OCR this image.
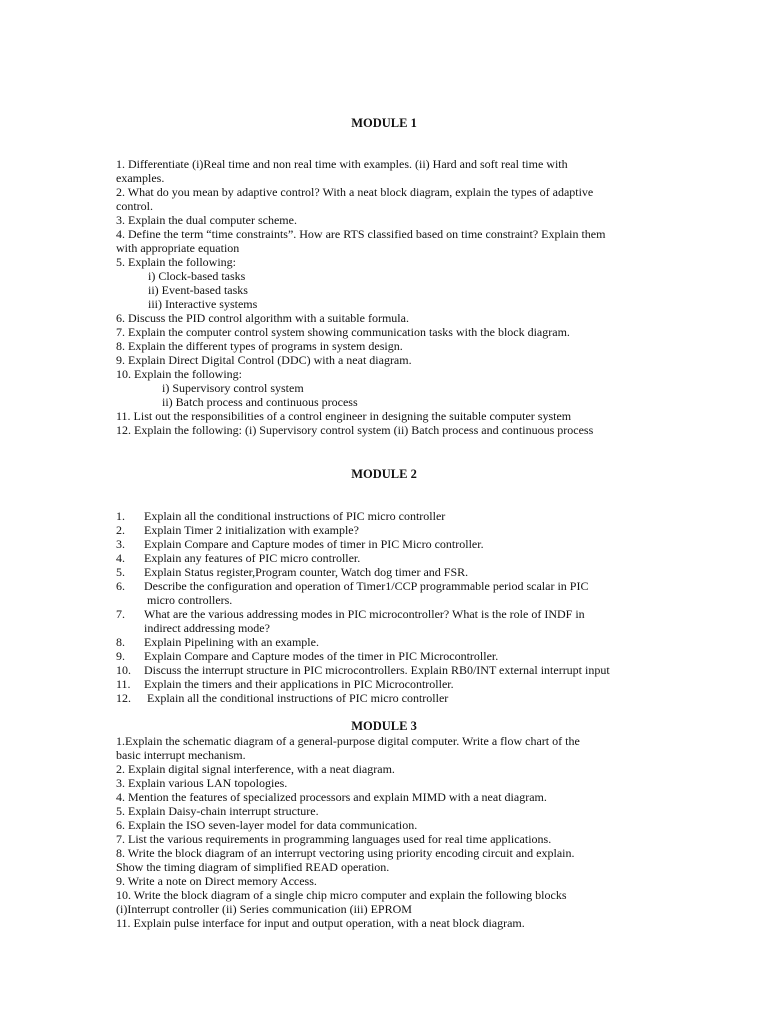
MODULE 1
1. Differentiate (i)Real time and non real time with examples. (ii) Hard and soft real time with
examples.
2. What do you mean by adaptive control? With a neat block diagram, explain the types of adaptive
control.
3. Explain the dual computer scheme.
4. Define the term “time constraints”. How are RTS classified based on time constraint? Explain them
with appropriate equation
5. Explain the following:
i) Clock-based tasks
ii) Event-based tasks
iii) Interactive systems
6. Discuss the PID control algorithm with a suitable formula.
7. Explain the computer control system showing communication tasks with the block diagram.
8. Explain the different types of programs in system design.
9. Explain Direct Digital Control (DDC) with a neat diagram.
10. Explain the following:
i) Supervisory control system
ii) Batch process and continuous process
11. List out the responsibilities of a control engineer in designing the suitable computer system
12. Explain the following: (i) Supervisory control system (ii) Batch process and continuous process
MODULE 2
1. Explain all the conditional instructions of PIC micro controller
2. Explain Timer 2 initialization with example?
3. Explain Compare and Capture modes of timer in PIC Micro controller.
4. Explain any features of PIC micro controller.
5. Explain Status register,Program counter, Watch dog timer and FSR.
6. Describe the configuration and operation of Timer1/CCP programmable period scalar in PIC
micro controllers.
7. What are the various addressing modes in PIC microcontroller? What is the role of INDF in
indirect addressing mode?
8. Explain Pipelining with an example.
9. Explain Compare and Capture modes of the timer in PIC Microcontroller.
10. Discuss the interrupt structure in PIC microcontrollers. Explain RB0/INT external interrupt input
11. Explain the timers and their applications in PIC Microcontroller.
12. Explain all the conditional instructions of PIC micro controller
MODULE 3
1.Explain the schematic diagram of a general-purpose digital computer. Write a flow chart of the
basic interrupt mechanism.
2. Explain digital signal interference, with a neat diagram.
3. Explain various LAN topologies.
4. Mention the features of specialized processors and explain MIMD with a neat diagram.
5. Explain Daisy-chain interrupt structure.
6. Explain the ISO seven-layer model for data communication.
7. List the various requirements in programming languages used for real time applications.
8. Write the block diagram of an interrupt vectoring using priority encoding circuit and explain.
Show the timing diagram of simplified READ operation.
9. Write a note on Direct memory Access.
10. Write the block diagram of a single chip micro computer and explain the following blocks
(i)Interrupt controller (ii) Series communication (iii) EPROM
11. Explain pulse interface for input and output operation, with a neat block diagram.
